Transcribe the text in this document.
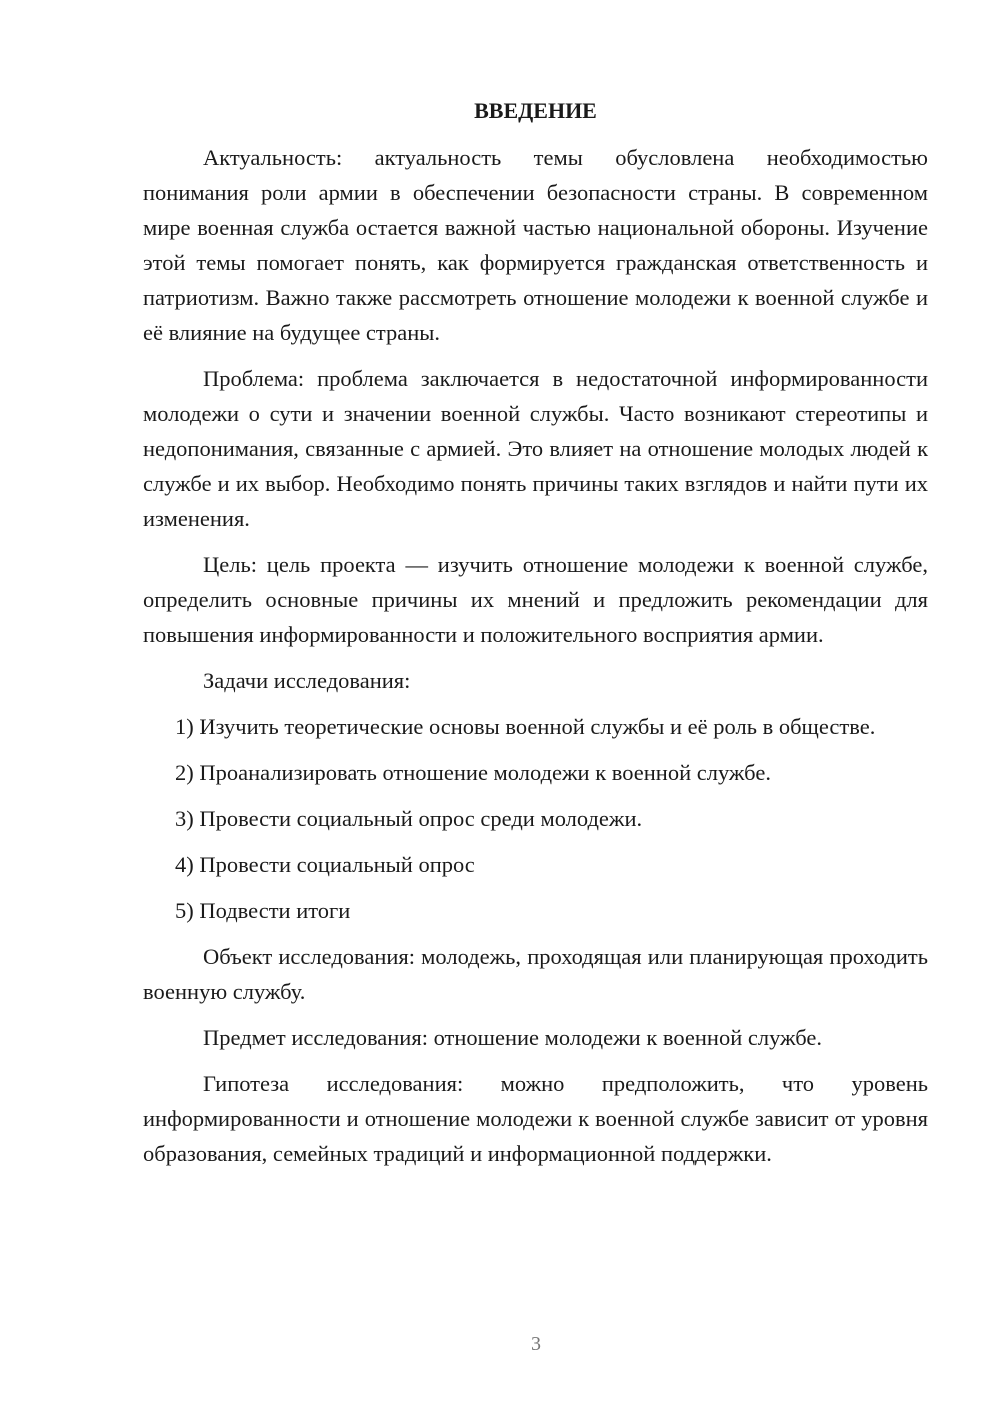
ВВЕДЕНИЕ

Актуальность: актуальность темы обусловлена необходимостью понимания роли армии в обеспечении безопасности страны. В современном мире военная служба остается важной частью национальной обороны. Изучение этой темы помогает понять, как формируется гражданская ответственность и патриотизм. Важно также рассмотреть отношение молодежи к военной службе и её влияние на будущее страны.

Проблема: проблема заключается в недостаточной информированности молодежи о сути и значении военной службы. Часто возникают стереотипы и недопонимания, связанные с армией. Это влияет на отношение молодых людей к службе и их выбор. Необходимо понять причины таких взглядов и найти пути их изменения.

Цель: цель проекта — изучить отношение молодежи к военной службе, определить основные причины их мнений и предложить рекомендации для повышения информированности и положительного восприятия армии.

Задачи исследования:

1) Изучить теоретические основы военной службы и её роль в обществе.

2) Проанализировать отношение молодежи к военной службе.

3) Провести социальный опрос среди молодежи.

4) Провести социальный опрос

5) Подвести итоги

Объект исследования: молодежь, проходящая или планирующая проходить военную службу.

Предмет исследования: отношение молодежи к военной службе.

Гипотеза исследования: можно предположить, что уровень информированности и отношение молодежи к военной службе зависит от уровня образования, семейных традиций и информационной поддержки.

3
